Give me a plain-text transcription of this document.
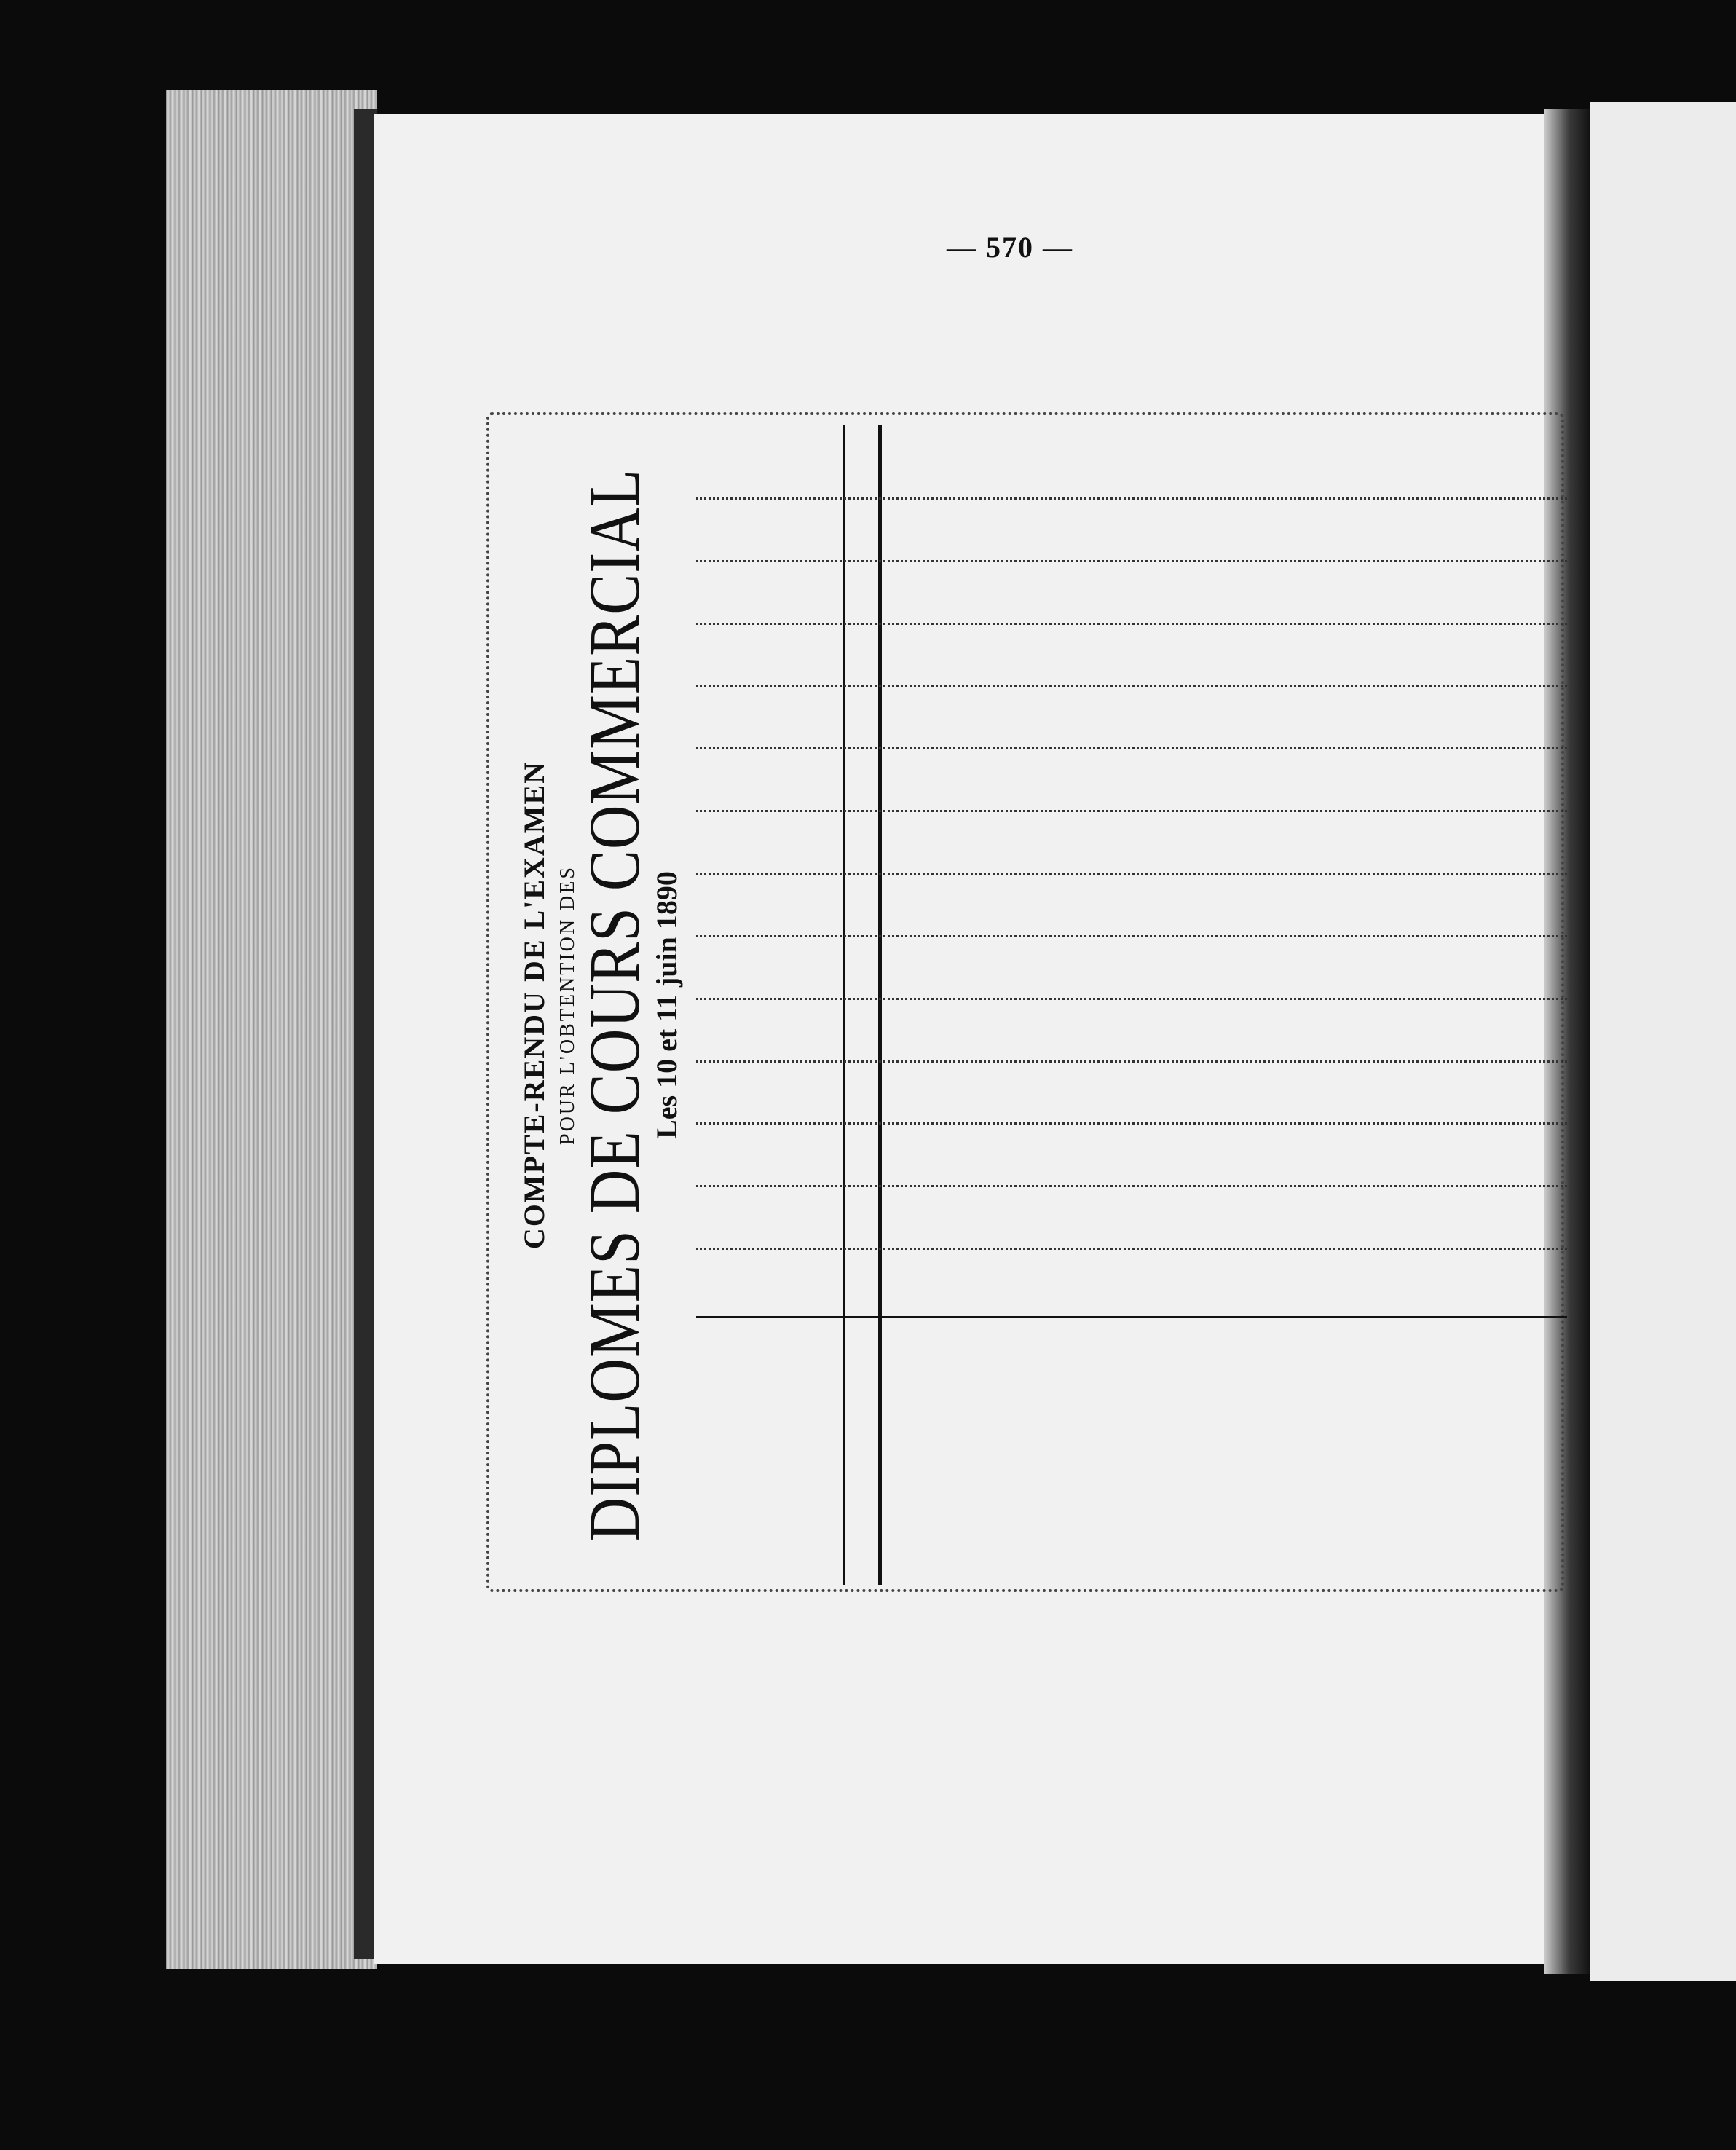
— 570 —
COMPTE-RENDU DE L'EXAMEN POUR L'OBTENTION DES
DIPLOMES DE COURS COMMERCIAL
Les 10 et 11 juin 1890
